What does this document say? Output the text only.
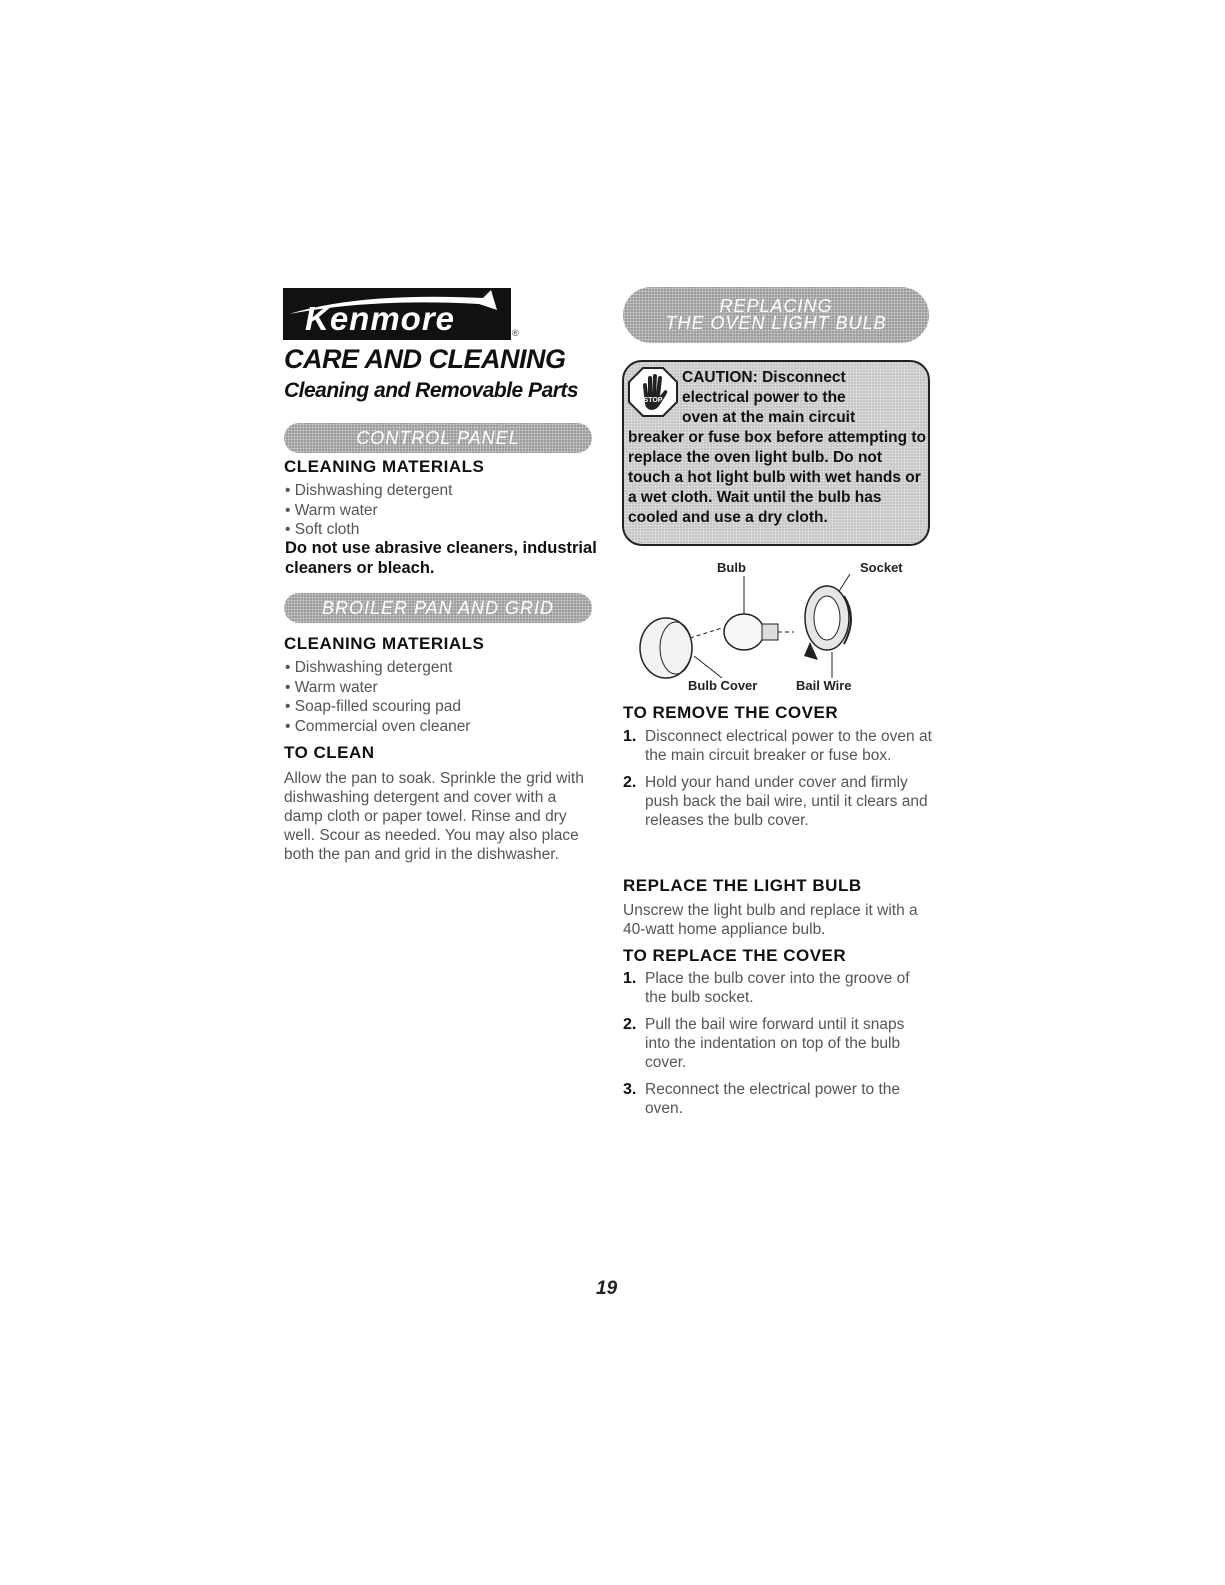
Kenmore	®
CARE AND CLEANING
Cleaning and Removable Parts
CONTROL PANEL
CLEANING MATERIALS
• Dishwashing detergent
• Warm water
• Soft cloth
Do not use abrasive cleaners, industrial cleaners or bleach.
BROILER PAN AND GRID
CLEANING MATERIALS
• Dishwashing detergent
• Warm water
• Soap-filled scouring pad
• Commercial oven cleaner
TO CLEAN
Allow the pan to soak. Sprinkle the grid with dishwashing detergent and cover with a damp cloth or paper towel. Rinse and dry well. Scour as needed. You may also place both the pan and grid in the dishwasher.
REPLACING
THE OVEN LIGHT BULB
STOP
CAUTION: Disconnect
electrical power to the
oven at the main circuit
breaker or fuse box before attempting to replace the oven light bulb. Do not touch a hot light bulb with wet hands or a wet cloth. Wait until the bulb has cooled and use a dry cloth.
Bulb	Socket
Bulb Cover	Bail Wire
TO REMOVE THE COVER
1. Disconnect electrical power to the oven at the main circuit breaker or fuse box.
2. Hold your hand under cover and firmly push back the bail wire, until it clears and releases the bulb cover.
REPLACE THE LIGHT BULB
Unscrew the light bulb and replace it with a 40-watt home appliance bulb.
TO REPLACE THE COVER
1. Place the bulb cover into the groove of the bulb socket.
2. Pull the bail wire forward until it snaps into the indentation on top of the bulb cover.
3. Reconnect the electrical power to the oven.
19
